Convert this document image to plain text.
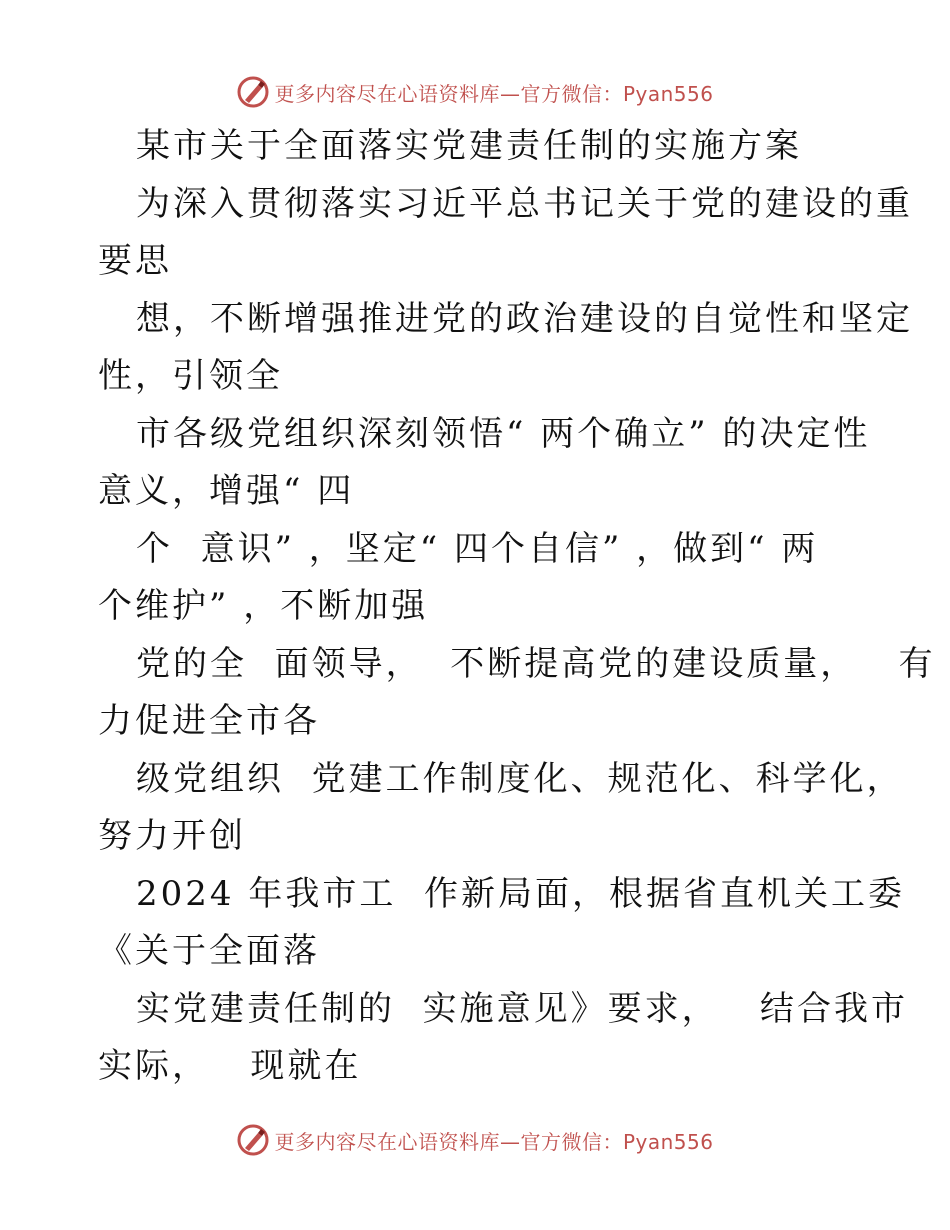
更多内容尽在心语资料库—官方微信：Pyan556
某市关于全面落实党建责任制的实施方案
为深入贯彻落实习近平总书记关于党的建设的重
要思
想，不断增强推进党的政治建设的自觉性和坚定
性，引领全
市各级党组织深刻领悟“ 两个确立” 的决定性
意义，增强“ 四
个  意识” ，坚定“ 四个自信” ，做到“ 两
个维护” ，不断加强
党的全  面领导，  不断提高党的建设质量，   有
力促进全市各
级党组织  党建工作制度化、规范化、科学化，
努力开创
2024 年我市工  作新局面，根据省直机关工委
《关于全面落
实党建责任制的  实施意见》要求，   结合我市
实际，   现就在
更多内容尽在心语资料库—官方微信：Pyan556
